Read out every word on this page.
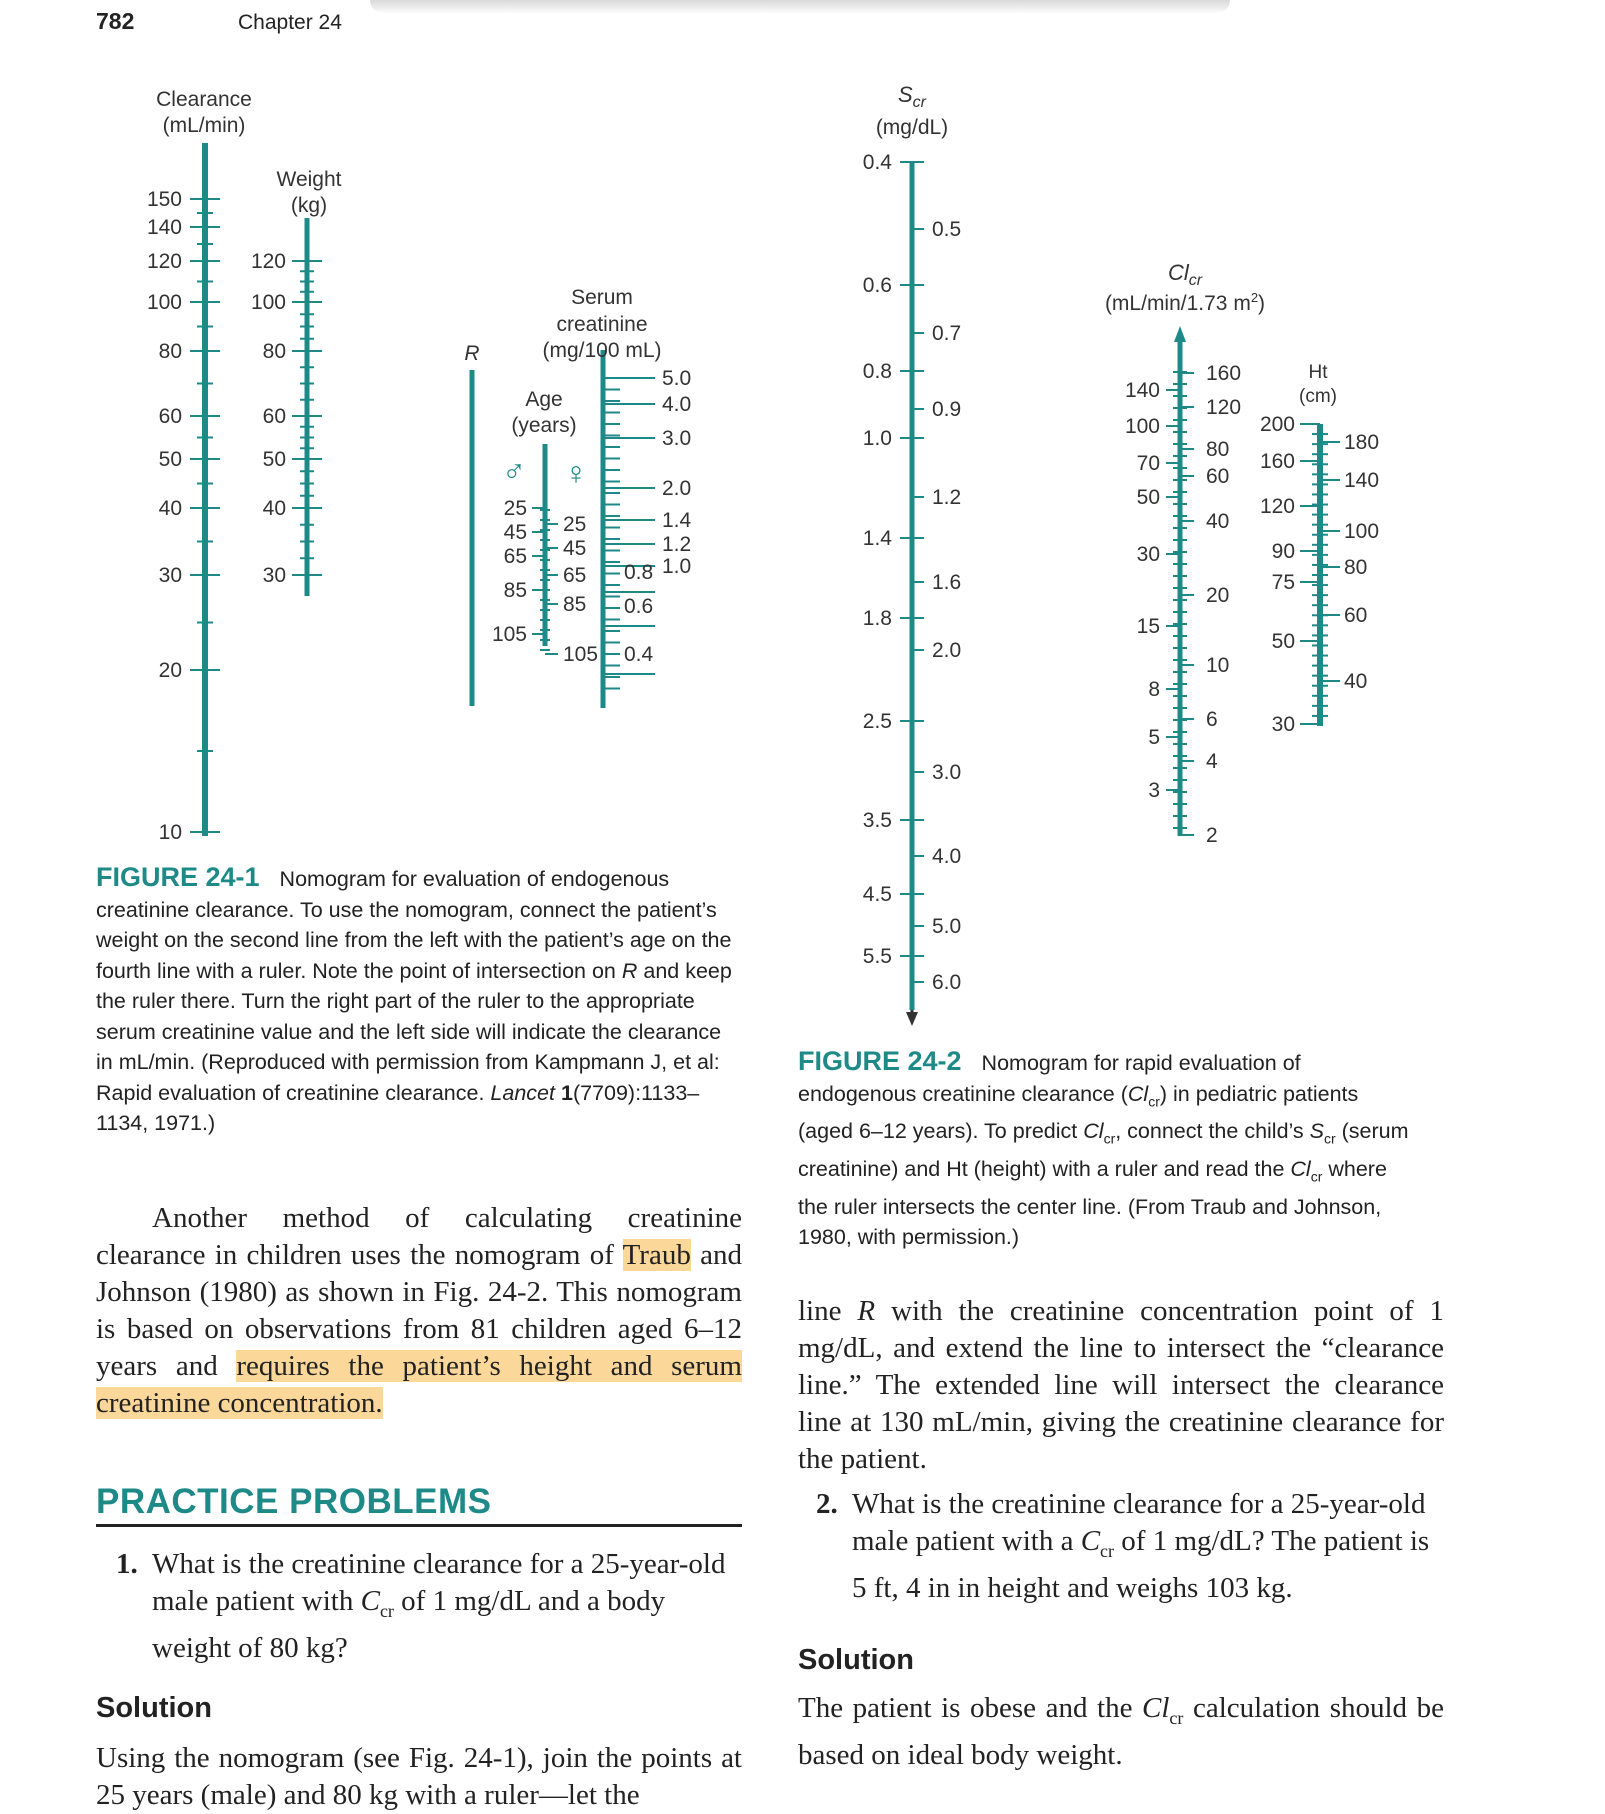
782	Chapter 24
Clearance
(mL/min)
150
140
120
100
80
60
50
40
30
20
10
Weight
(kg)
120
100
80
60
50
40
30
R
Age
(years)
♂ ♀
25
45
65
85
105
25
45
65
85
105
Serum
creatinine
(mg/100 mL)
5.0
4.0
3.0
2.0
1.4
1.2
1.0
0.8
0.6
0.4
FIGURE 24-1 Nomogram for evaluation of endogenous creatinine clearance. To use the nomogram, connect the patient’s weight on the second line from the left with the patient’s age on the fourth line with a ruler. Note the point of intersection on R and keep the ruler there. Turn the right part of the ruler to the appropriate serum creatinine value and the left side will indicate the clearance in mL/min. (Reproduced with permission from Kampmann J, et al: Rapid evaluation of creatinine clearance. Lancet 1(7709):1133–1134, 1971.)
$S_{cr}$
(mg/dL)
0.4
0.6
0.8
1.0
1.4
1.8
2.5
3.5
4.5
5.5
0.5
0.7
0.9
1.2
1.6
2.0
3.0
4.0
5.0
6.0
$Cl_{cr}$
(mL/min/1.73 $m^2$)
140
100
70
50
30
15
8
5
3
160
120
80
60
40
20
10
6
4
2
Ht
(cm)
200
160
120
90
75
50
30
180
140
100
80
60
40
FIGURE 24-2 Nomogram for rapid evaluation of
endogenous creatinine clearance $(Cl_{cr})$ in pediatric patients
(aged 6–12 years). To predict $Cl_{cr}$, connect the child’s $S_{cr}$ (serum
creatinine) and Ht (height) with a ruler and read the $Cl_{cr}$ where
the ruler intersects the center line. (From Traub and Johnson,
1980, with permission.)
Another method of calculating creatinine clearance in children uses the nomogram of Traub and Johnson (1980) as shown in Fig. 24-2. This nomogram is based on observations from 81 children aged 6–12 years and requires the patient’s height and serum creatinine concentration.
PRACTICE PROBLEMS
1. What is the creatinine clearance for a 25-year-old male patient with $C_{cr}$ of 1 mg/dL and a body weight of 80 kg?
Solution
Using the nomogram (see Fig. 24-1), join the points at 25 years (male) and 80 kg with a ruler—let the
line R with the creatinine concentration point of 1 mg/dL, and extend the line to intersect the “clearance line.” The extended line will intersect the clearance line at 130 mL/min, giving the creatinine clearance for the patient.
2. What is the creatinine clearance for a 25-year-old male patient with a $C_{cr}$ of 1 mg/dL? The patient is 5 ft, 4 in in height and weighs 103 kg.
Solution
The patient is obese and the $Cl_{cr}$ calculation should be based on ideal body weight.
